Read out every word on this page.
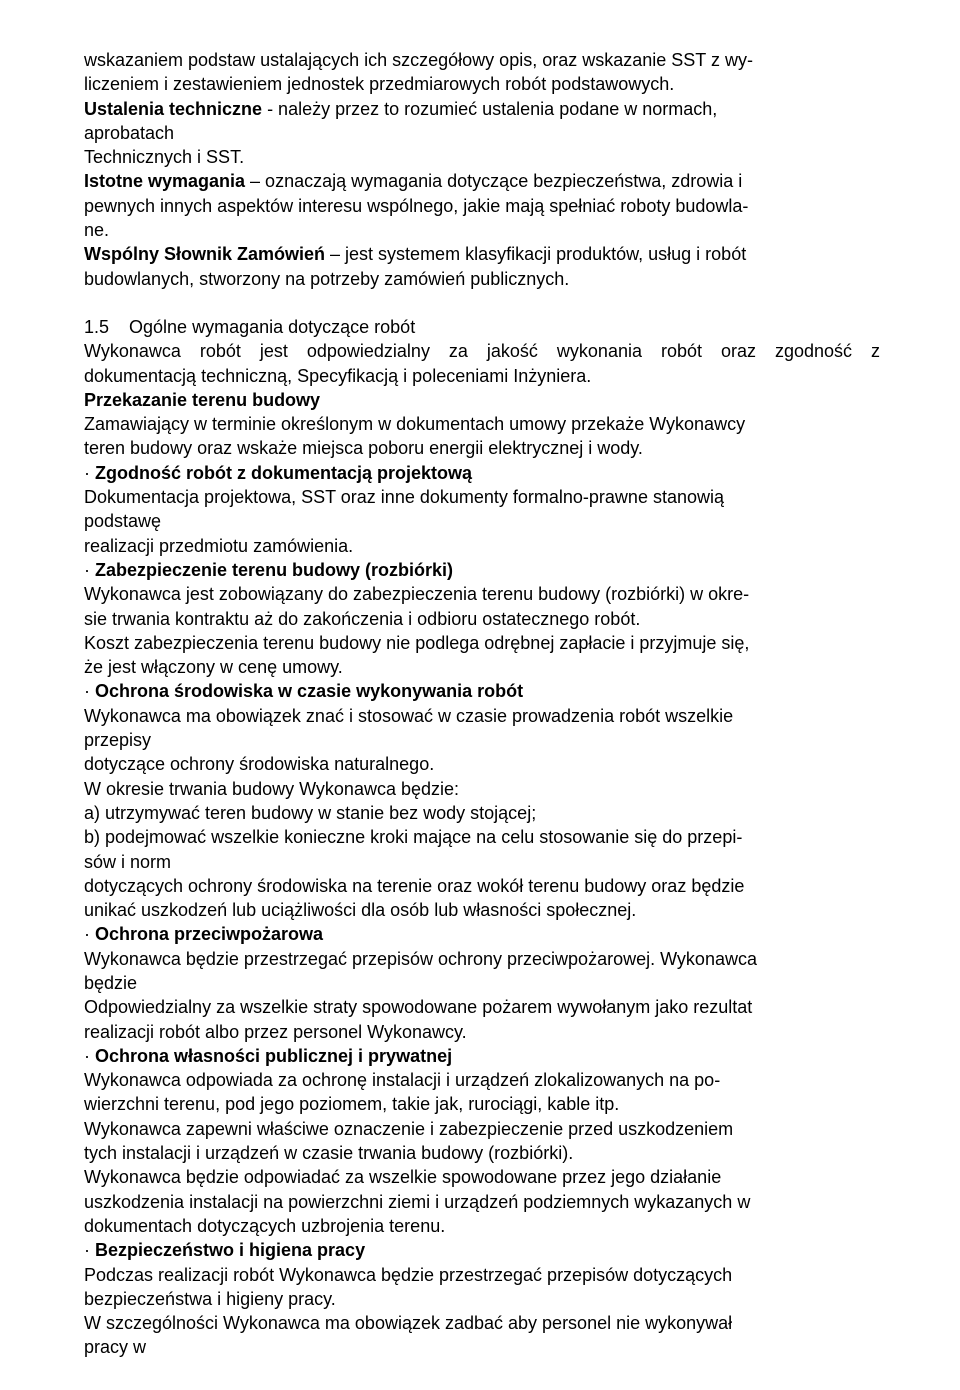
wskazaniem podstaw ustalających ich szczegółowy opis, oraz wskazanie SST z wy-
liczeniem i zestawieniem jednostek przedmiarowych robót podstawowych.
Ustalenia techniczne - należy przez to rozumieć ustalenia podane w normach,
aprobatach
Technicznych i SST.
Istotne wymagania – oznaczają wymagania dotyczące bezpieczeństwa, zdrowia i
pewnych innych aspektów interesu wspólnego, jakie mają spełniać roboty budowla-
ne.
Wspólny Słownik Zamówień – jest systemem klasyfikacji produktów, usług i robót
budowlanych, stworzony na potrzeby zamówień publicznych.
1.5    Ogólne wymagania dotyczące robót
Wykonawca robót jest odpowiedzialny za jakość wykonania robót oraz zgodność z
dokumentacją techniczną, Specyfikacją i poleceniami Inżyniera.
Przekazanie terenu budowy
Zamawiający w terminie określonym w dokumentach umowy przekaże Wykonawcy
teren budowy oraz wskaże miejsca poboru energii elektrycznej i wody.
· Zgodność robót z dokumentacją projektową
Dokumentacja projektowa, SST oraz inne dokumenty formalno-prawne stanowią
podstawę
realizacji przedmiotu zamówienia.
· Zabezpieczenie terenu budowy (rozbiórki)
Wykonawca jest zobowiązany do zabezpieczenia terenu budowy (rozbiórki) w okre-
sie trwania kontraktu aż do zakończenia i odbioru ostatecznego robót.
Koszt zabezpieczenia terenu budowy nie podlega odrębnej zapłacie i przyjmuje się,
że jest włączony w cenę umowy.
· Ochrona środowiska w czasie wykonywania robót
Wykonawca ma obowiązek znać i stosować w czasie prowadzenia robót wszelkie
przepisy
dotyczące ochrony środowiska naturalnego.
W okresie trwania budowy Wykonawca będzie:
a) utrzymywać teren budowy w stanie bez wody stojącej;
b) podejmować wszelkie konieczne kroki mające na celu stosowanie się do przepi-
sów i norm
dotyczących ochrony środowiska na terenie oraz wokół terenu budowy oraz będzie
unikać uszkodzeń lub uciążliwości dla osób lub własności społecznej.
· Ochrona przeciwpożarowa
Wykonawca będzie przestrzegać przepisów ochrony przeciwpożarowej. Wykonawca
będzie
Odpowiedzialny za wszelkie straty spowodowane pożarem wywołanym jako rezultat
realizacji robót albo przez personel Wykonawcy.
· Ochrona własności publicznej i prywatnej
Wykonawca odpowiada za ochronę instalacji i urządzeń zlokalizowanych na po-
wierzchni terenu, pod jego poziomem, takie jak, rurociągi, kable itp.
Wykonawca zapewni właściwe oznaczenie i zabezpieczenie przed uszkodzeniem
tych instalacji i urządzeń w czasie trwania budowy (rozbiórki).
Wykonawca będzie odpowiadać za wszelkie spowodowane przez jego działanie
uszkodzenia instalacji na powierzchni ziemi i urządzeń podziemnych wykazanych w
dokumentach dotyczących uzbrojenia terenu.
· Bezpieczeństwo i higiena pracy
Podczas realizacji robót Wykonawca będzie przestrzegać przepisów dotyczących
bezpieczeństwa i higieny pracy.
W szczególności Wykonawca ma obowiązek zadbać aby personel nie wykonywał
pracy w
